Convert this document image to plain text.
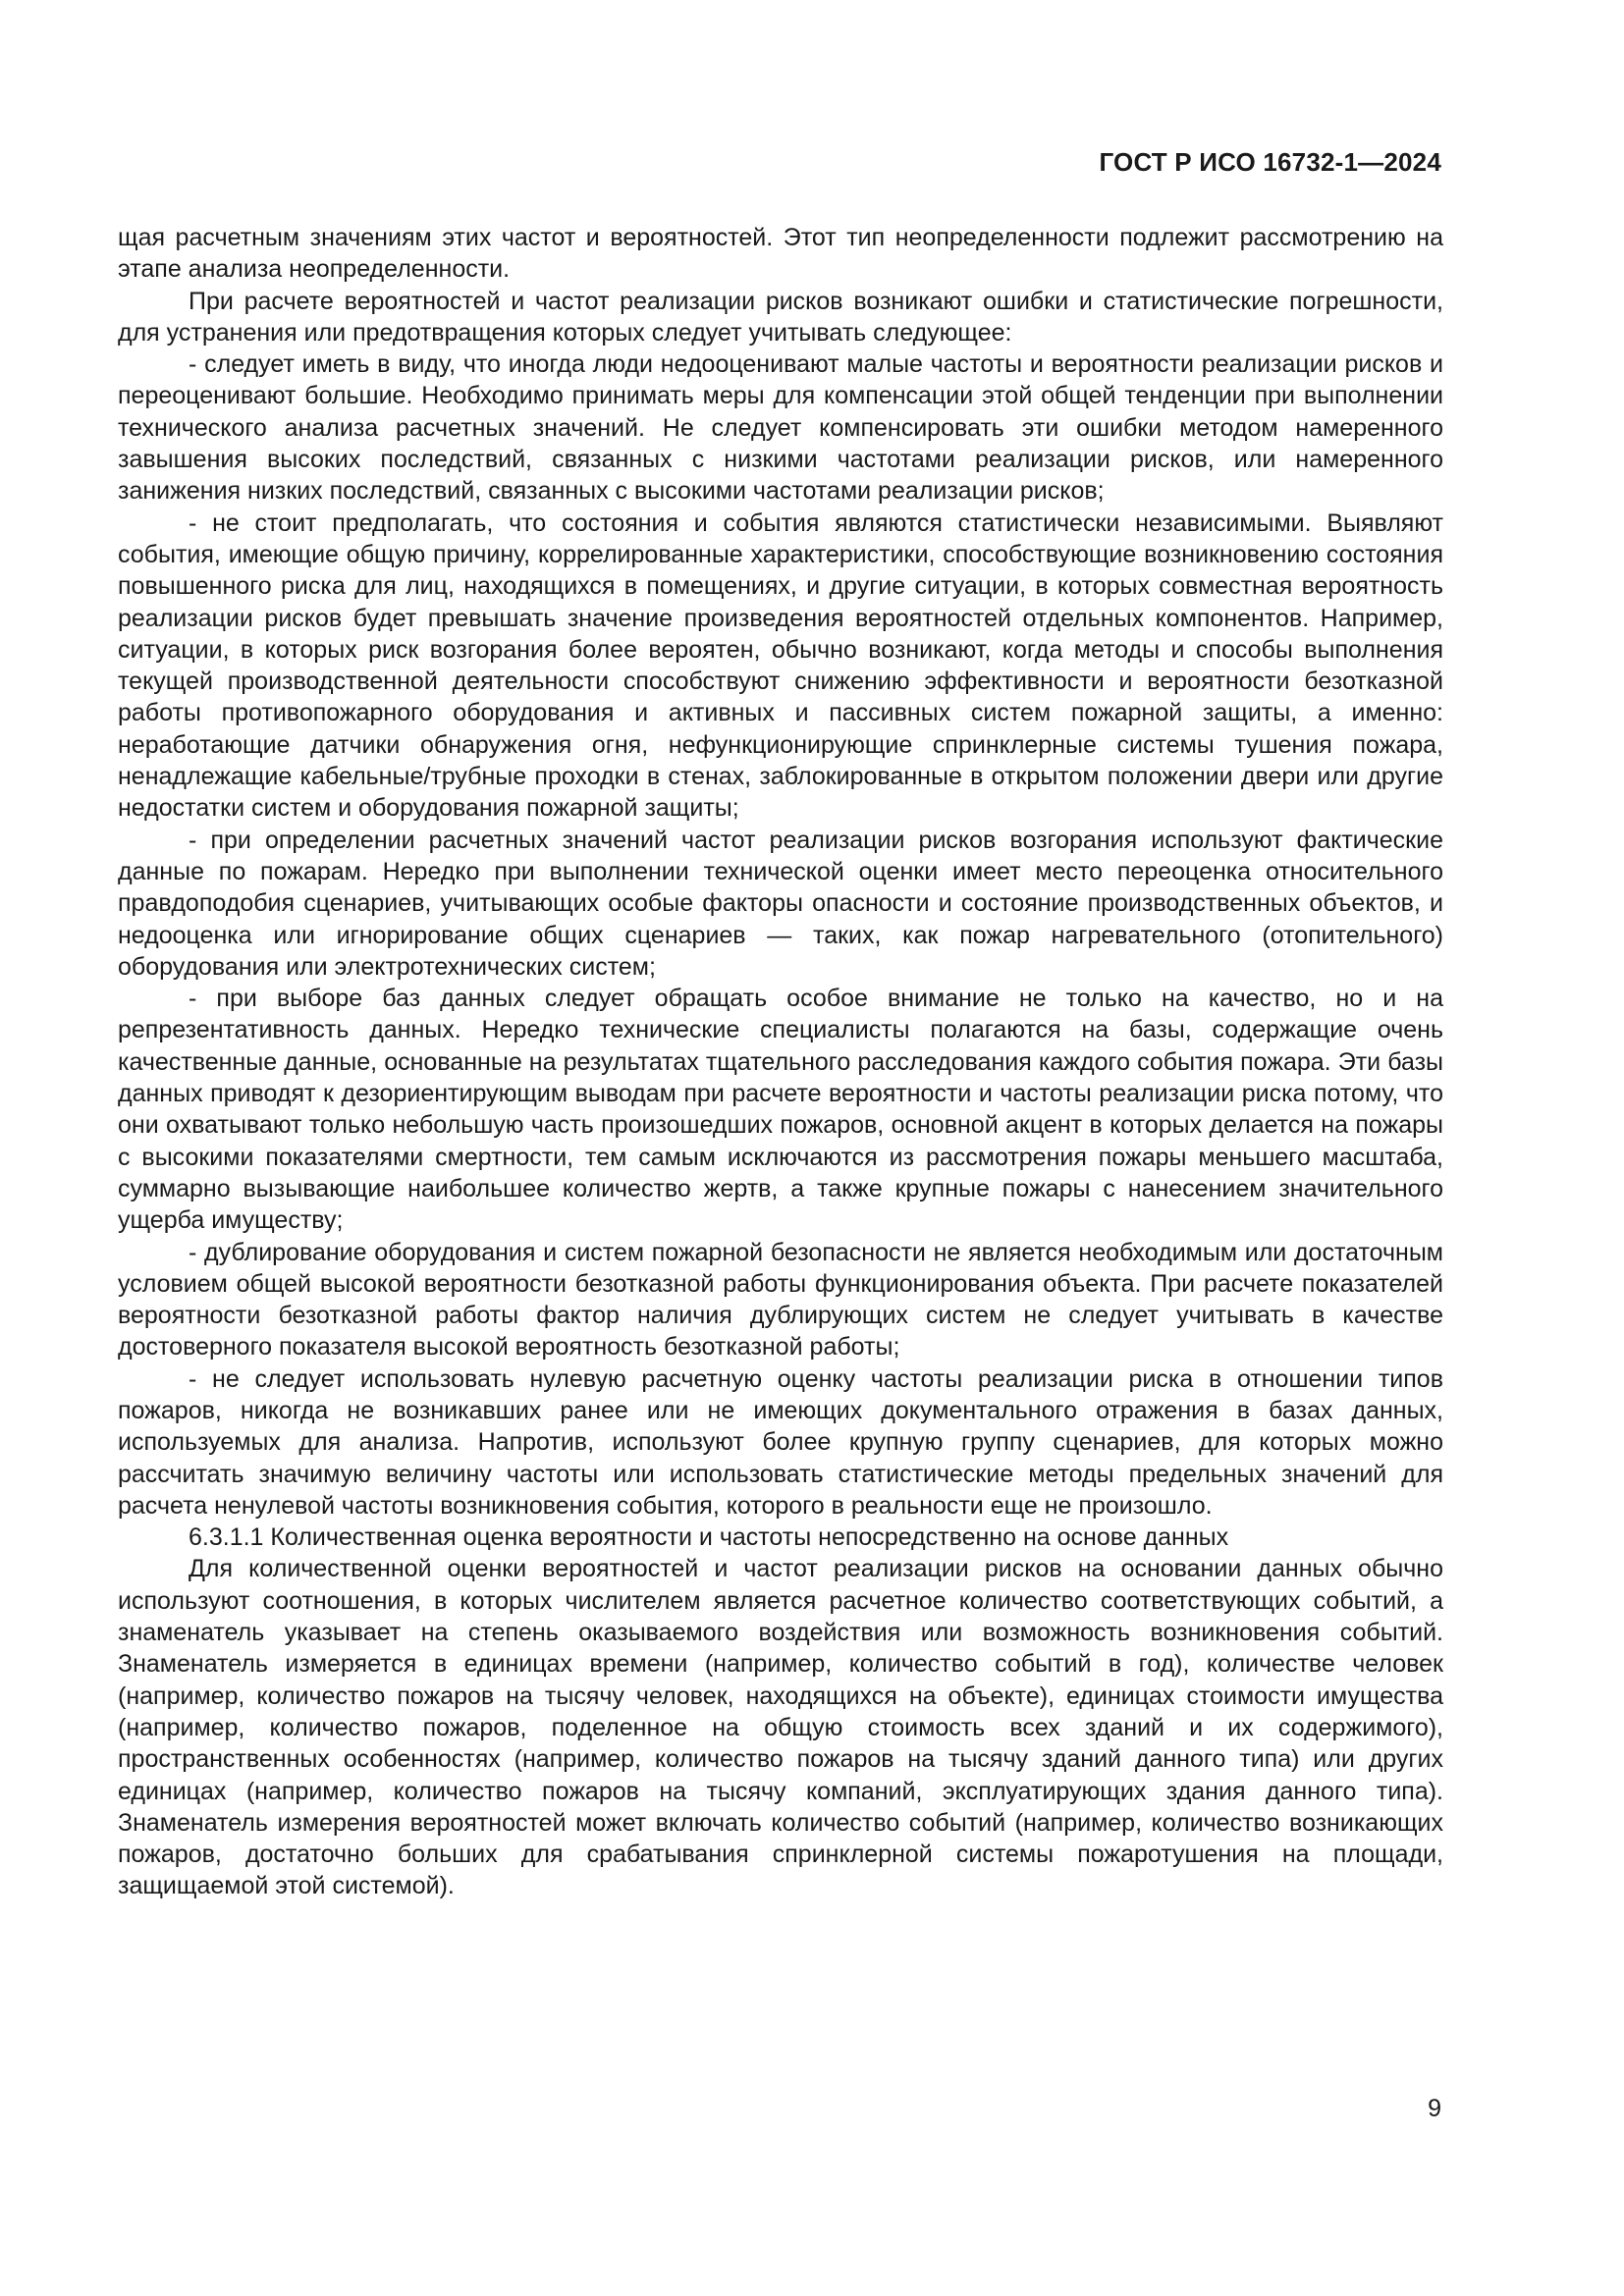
ГОСТ Р ИСО 16732-1—2024

щая расчетным значениям этих частот и вероятностей. Этот тип неопределенности подлежит рассмотрению на этапе анализа неопределенности.

При расчете вероятностей и частот реализации рисков возникают ошибки и статистические погрешности, для устранения или предотвращения которых следует учитывать следующее:

- следует иметь в виду, что иногда люди недооценивают малые частоты и вероятности реализации рисков и переоценивают большие. Необходимо принимать меры для компенсации этой общей тенденции при выполнении технического анализа расчетных значений. Не следует компенсировать эти ошибки методом намеренного завышения высоких последствий, связанных с низкими частотами реализации рисков, или намеренного занижения низких последствий, связанных с высокими частотами реализации рисков;

- не стоит предполагать, что состояния и события являются статистически независимыми. Выявляют события, имеющие общую причину, коррелированные характеристики, способствующие возникновению состояния повышенного риска для лиц, находящихся в помещениях, и другие ситуации, в которых совместная вероятность реализации рисков будет превышать значение произведения вероятностей отдельных компонентов. Например, ситуации, в которых риск возгорания более вероятен, обычно возникают, когда методы и способы выполнения текущей производственной деятельности способствуют снижению эффективности и вероятности безотказной работы противопожарного оборудования и активных и пассивных систем пожарной защиты, а именно: неработающие датчики обнаружения огня, нефункционирующие спринклерные системы тушения пожара, ненадлежащие кабельные/трубные проходки в стенах, заблокированные в открытом положении двери или другие недостатки систем и оборудования пожарной защиты;

- при определении расчетных значений частот реализации рисков возгорания используют фактические данные по пожарам. Нередко при выполнении технической оценки имеет место переоценка относительного правдоподобия сценариев, учитывающих особые факторы опасности и состояние производственных объектов, и недооценка или игнорирование общих сценариев — таких, как пожар нагревательного (отопительного) оборудования или электротехнических систем;

- при выборе баз данных следует обращать особое внимание не только на качество, но и на репрезентативность данных. Нередко технические специалисты полагаются на базы, содержащие очень качественные данные, основанные на результатах тщательного расследования каждого события пожара. Эти базы данных приводят к дезориентирующим выводам при расчете вероятности и частоты реализации риска потому, что они охватывают только небольшую часть произошедших пожаров, основной акцент в которых делается на пожары с высокими показателями смертности, тем самым исключаются из рассмотрения пожары меньшего масштаба, суммарно вызывающие наибольшее количество жертв, а также крупные пожары с нанесением значительного ущерба имуществу;

- дублирование оборудования и систем пожарной безопасности не является необходимым или достаточным условием общей высокой вероятности безотказной работы функционирования объекта. При расчете показателей вероятности безотказной работы фактор наличия дублирующих систем не следует учитывать в качестве достоверного показателя высокой вероятность безотказной работы;

- не следует использовать нулевую расчетную оценку частоты реализации риска в отношении типов пожаров, никогда не возникавших ранее или не имеющих документального отражения в базах данных, используемых для анализа. Напротив, используют более крупную группу сценариев, для которых можно рассчитать значимую величину частоты или использовать статистические методы предельных значений для расчета ненулевой частоты возникновения события, которого в реальности еще не произошло.

6.3.1.1 Количественная оценка вероятности и частоты непосредственно на основе данных

Для количественной оценки вероятностей и частот реализации рисков на основании данных обычно используют соотношения, в которых числителем является расчетное количество соответствующих событий, а знаменатель указывает на степень оказываемого воздействия или возможность возникновения событий. Знаменатель измеряется в единицах времени (например, количество событий в год), количестве человек (например, количество пожаров на тысячу человек, находящихся на объекте), единицах стоимости имущества (например, количество пожаров, поделенное на общую стоимость всех зданий и их содержимого), пространственных особенностях (например, количество пожаров на тысячу зданий данного типа) или других единицах (например, количество пожаров на тысячу компаний, эксплуатирующих здания данного типа). Знаменатель измерения вероятностей может включать количество событий (например, количество возникающих пожаров, достаточно больших для срабатывания спринклерной системы пожаротушения на площади, защищаемой этой системой).

9
